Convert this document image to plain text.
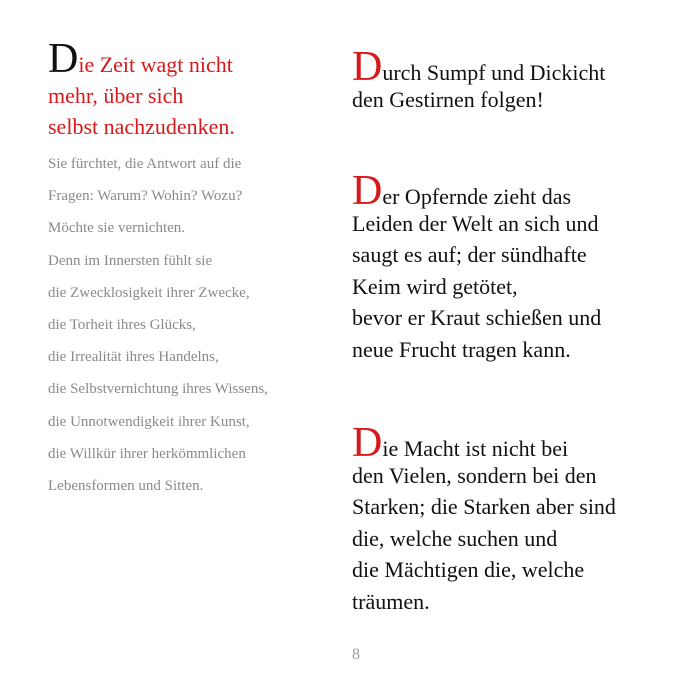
Die Zeit wagt nicht
mehr, über sich
selbst nachzudenken.
Sie fürchtet, die Antwort auf die
Fragen: Warum? Wohin? Wozu?
Möchte sie vernichten.
Denn im Innersten fühlt sie
die Zwecklosigkeit ihrer Zwecke,
die Torheit ihres Glücks,
die Irrealität ihres Handelns,
die Selbstvernichtung ihres Wissens,
die Unnotwendigkeit ihrer Kunst,
die Willkür ihrer herkömmlichen
Lebensformen und Sitten.
Durch Sumpf und Dickicht
den Gestirnen folgen!
Der Opfernde zieht das
Leiden der Welt an sich und
saugt es auf; der sündhafte
Keim wird getötet,
bevor er Kraut schießen und
neue Frucht tragen kann.
Die Macht ist nicht bei
den Vielen, sondern bei den
Starken; die Starken aber sind
die, welche suchen und
die Mächtigen die, welche
träumen.
8
